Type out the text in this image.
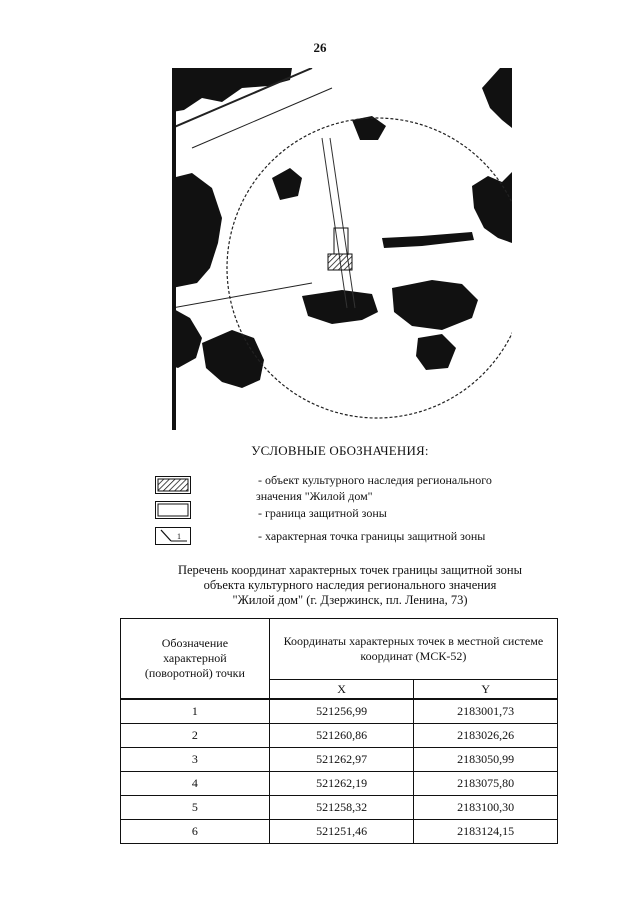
26
УСЛОВНЫЕ ОБОЗНАЧЕНИЯ:
- объект культурного наследия регионального
значения "Жилой дом"
- граница защитной зоны
1	- характерная точка границы защитной зоны
Перечень координат характерных точек границы защитной зоны
объекта культурного наследия регионального значения
"Жилой дом" (г. Дзержинск, пл. Ленина, 73)
Обозначение характерной (поворотной) точки	Координаты характерных точек в местной системе координат (МСК-52)	
	X	Y
1	521256,99	2183001,73
2	521260,86	2183026,26
3	521262,97	2183050,99
4	521262,19	2183075,80
5	521258,32	2183100,30
6	521251,46	2183124,15
